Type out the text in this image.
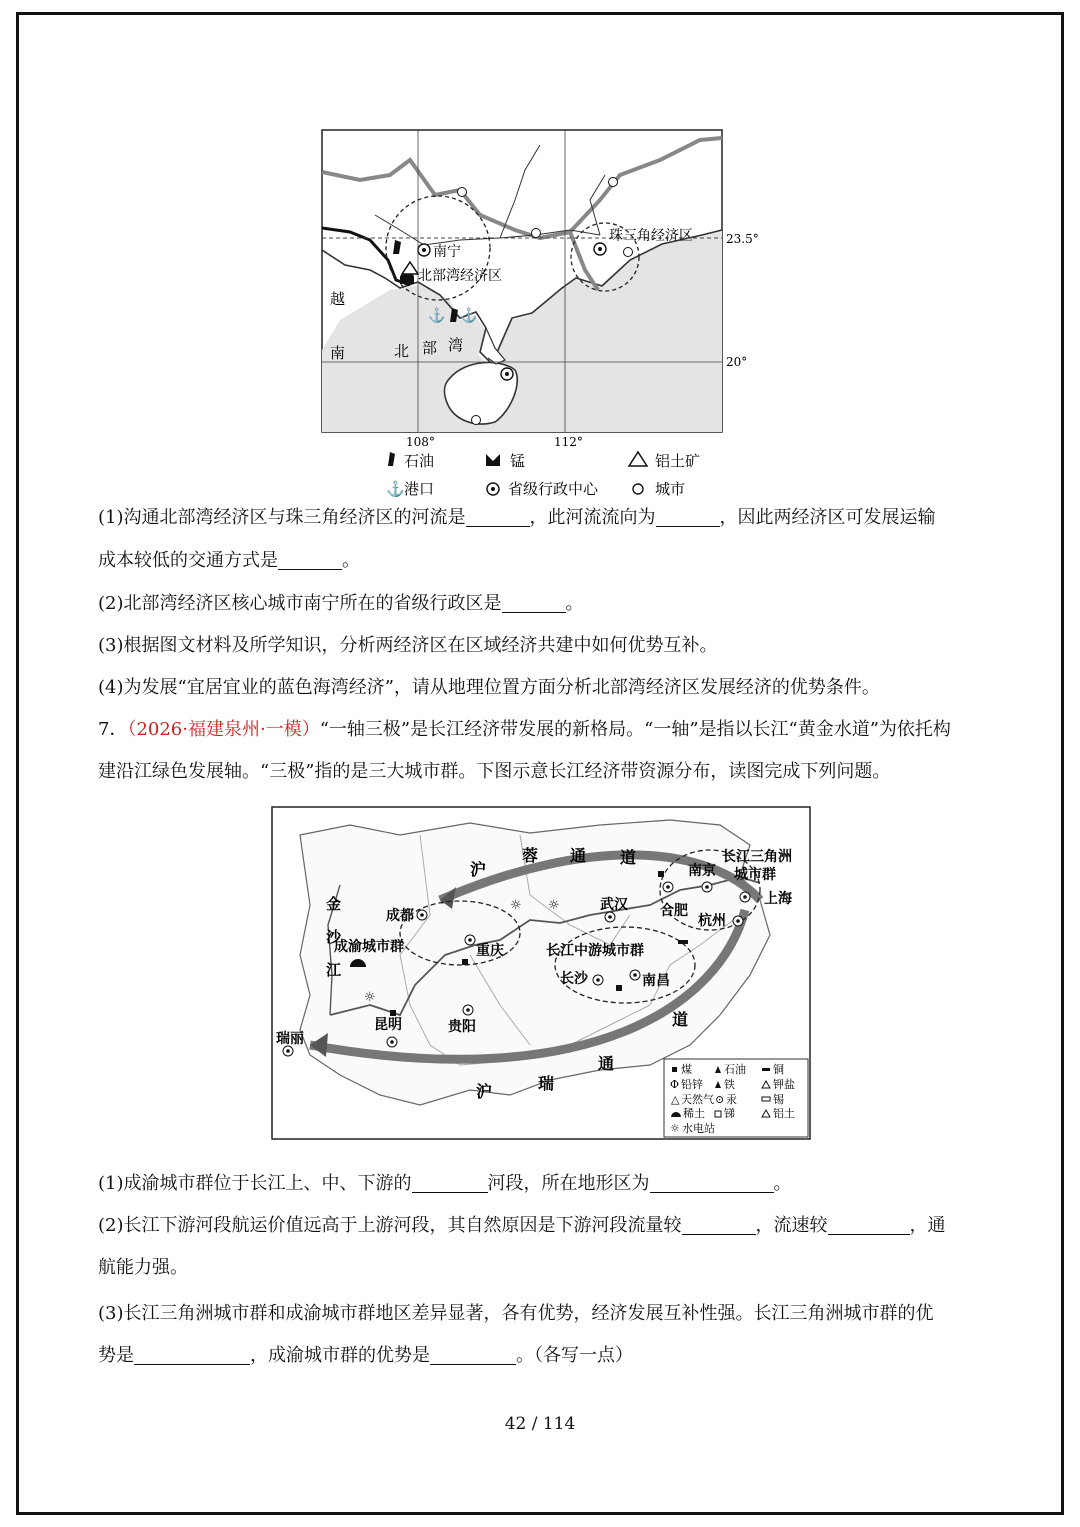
⚓ ⚓
南宁
北部湾经济区
珠三角经济区
越
南	北 部 湾
23.5°
20°
108°	112°
石油	锰	铝土矿
⚓ 港口	省级行政中心	城市
(1)沟通北部湾经济区与珠三角经济区的河流是	，此河流流向为	，因此两经济区可发展运输
成本较低的交通方式是	。
(2)北部湾经济区核心城市南宁所在的省级行政区是	。
(3)根据图文材料及所学知识，分析两经济区在区域经济共建中如何优势互补。
(4)为发展“宜居宜业的蓝色海湾经济”，请从地理位置方面分析北部湾经济区发展经济的优势条件。
7．（2026·福建泉州·一模）“一轴三极”是长江经济带发展的新格局。“一轴”是指以长江“黄金水道”为依托构
建沿江绿色发展轴。“三极”指的是三大城市群。下图示意长江经济带资源分布，读图完成下列问题。
☼ ☼
☼
沪
蓉 通 道
金
沙
江
成都
成渝城市群	重庆
武汉 合肥
南京
长江三角洲
城市群
上海
杭州
长江中游城市群
长沙	南昌
昆明	贵阳
瑞丽
道
通
瑞
沪
煤	石油 铜
Φ 铅锌 铁	钾盐
△ 天然气 ⊙ 汞	锡
稀土 锑	铝土
☼ 水电站
(1)成渝城市群位于长江上、中、下游的	河段，所在地形区为	。
(2)长江下游河段航运价值远高于上游河段，其自然原因是下游河段流量较	，流速较	，通
航能力强。
(3)长江三角洲城市群和成渝城市群地区差异显著，各有优势，经济发展互补性强。长江三角洲城市群的优
势是	，成渝城市群的优势是	。（各写一点）
42 / 114
